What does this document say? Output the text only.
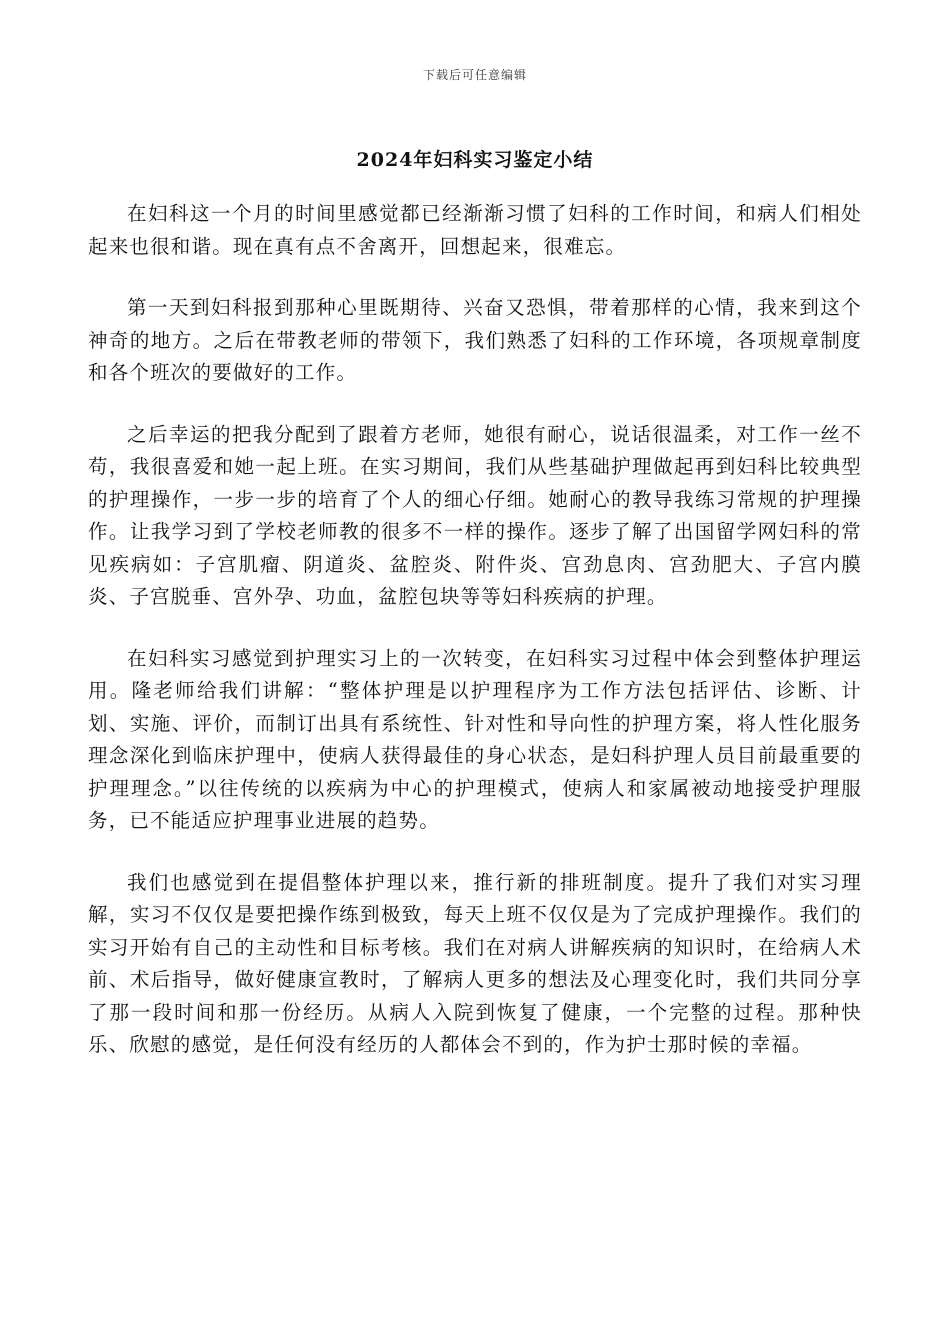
下载后可任意编辑
2024年妇科实习鉴定小结

在妇科这一个月的时间里感觉都已经渐渐习惯了妇科的工作时间，和病人们相处起来也很和谐。现在真有点不舍离开，回想起来，很难忘。

第一天到妇科报到那种心里既期待、兴奋又恐惧，带着那样的心情，我来到这个神奇的地方。之后在带教老师的带领下，我们熟悉了妇科的工作环境，各项规章制度和各个班次的要做好的工作。

之后幸运的把我分配到了跟着方老师，她很有耐心，说话很温柔，对工作一丝不苟，我很喜爱和她一起上班。在实习期间，我们从些基础护理做起再到妇科比较典型的护理操作，一步一步的培育了个人的细心仔细。她耐心的教导我练习常规的护理操作。让我学习到了学校老师教的很多不一样的操作。逐步了解了出国留学网妇科的常见疾病如：子宫肌瘤、阴道炎、盆腔炎、附件炎、宫劲息肉、宫劲肥大、子宫内膜炎、子宫脱垂、宫外孕、功血，盆腔包块等等妇科疾病的护理。

在妇科实习感觉到护理实习上的一次转变，在妇科实习过程中体会到整体护理运用。隆老师给我们讲解：“整体护理是以护理程序为工作方法包括评估、诊断、计划、实施、评价，而制订出具有系统性、针对性和导向性的护理方案，将人性化服务理念深化到临床护理中，使病人获得最佳的身心状态，是妇科护理人员目前最重要的护理理念。”以往传统的以疾病为中心的护理模式，使病人和家属被动地接受护理服务，已不能适应护理事业进展的趋势。

我们也感觉到在提倡整体护理以来，推行新的排班制度。提升了我们对实习理解，实习不仅仅是要把操作练到极致，每天上班不仅仅是为了完成护理操作。我们的实习开始有自己的主动性和目标考核。我们在对病人讲解疾病的知识时，在给病人术前、术后指导，做好健康宣教时，了解病人更多的想法及心理变化时，我们共同分享了那一段时间和那一份经历。从病人入院到恢复了健康，一个完整的过程。那种快乐、欣慰的感觉，是任何没有经历的人都体会不到的，作为护士那时候的幸福。
